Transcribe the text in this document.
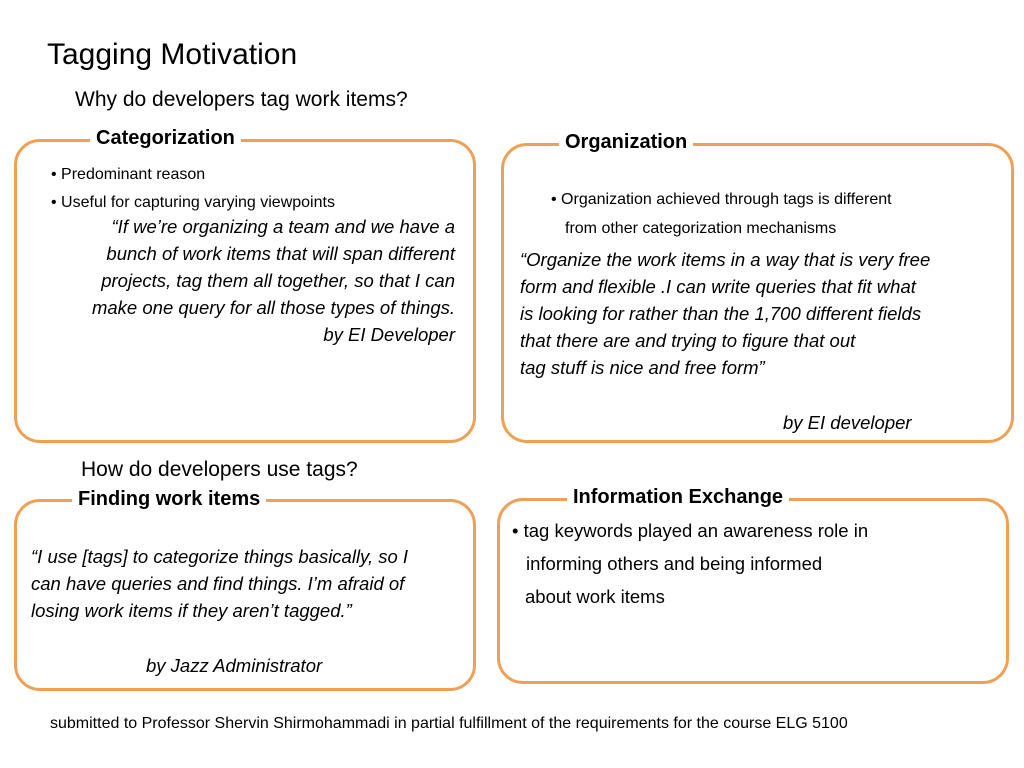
Tagging Motivation
Why do developers tag work items?
Categorization
• Predominant reason
• Useful for capturing varying viewpoints
“If we’re organizing a team and we have a
bunch of work items that will span different
projects, tag them all together, so that I can
make one query for all those types of things.
by EI Developer
Organization
• Organization achieved through tags is different
from other categorization mechanisms
“Organize the work items in a way that is very free
form and flexible .I can write queries that fit what
is looking for rather than the 1,700 different fields
that there are and trying to figure that out
tag stuff is nice and free form”
by EI developer
How do developers use tags?
Finding work items
“I use [tags] to categorize things basically, so I
can have queries and find things. I’m afraid of
losing work items if they aren’t tagged.”
by Jazz Administrator
Information Exchange
• tag keywords played an awareness role in
informing others and being informed
about work items
submitted to Professor Shervin Shirmohammadi in partial fulfillment of the requirements for the course ELG 5100
